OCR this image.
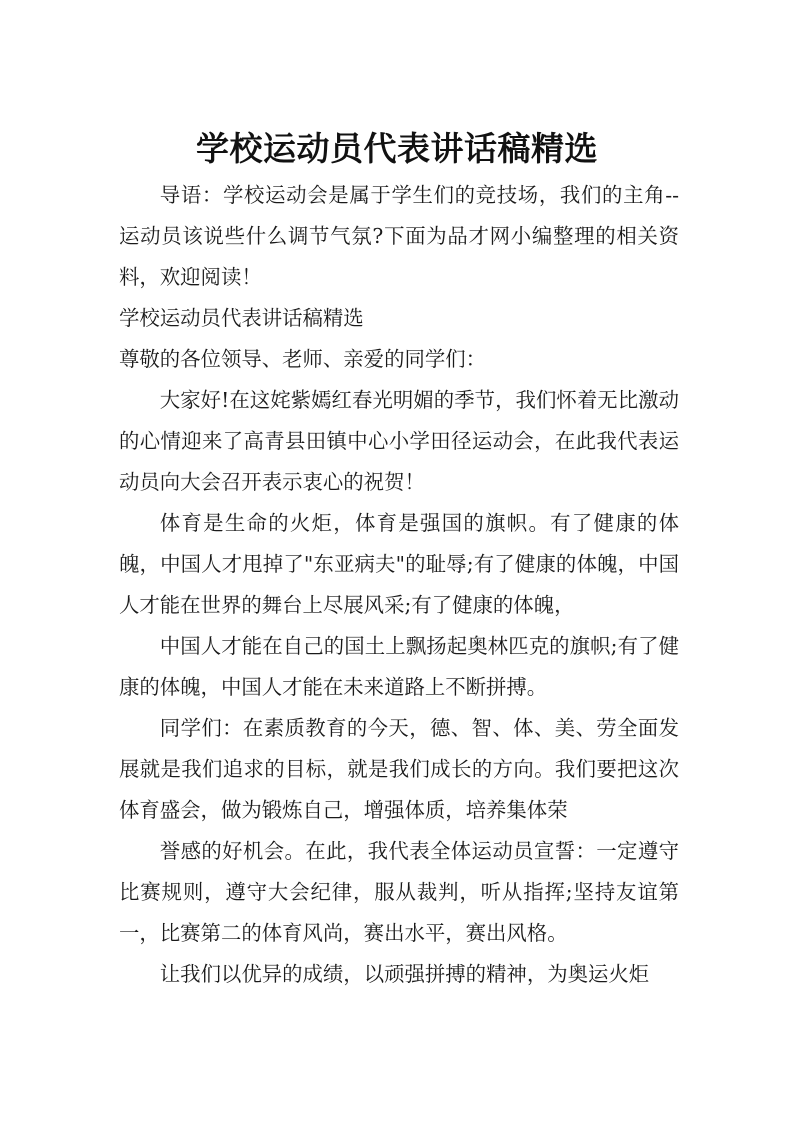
学校运动员代表讲话稿精选

导语：学校运动会是属于学生们的竞技场，我们的主角--运动员该说些什么调节气氛?下面为品才网小编整理的相关资料，欢迎阅读！

学校运动员代表讲话稿精选

尊敬的各位领导、老师、亲爱的同学们：

大家好!在这姹紫嫣红春光明媚的季节，我们怀着无比激动的心情迎来了高青县田镇中心小学田径运动会，在此我代表运动员向大会召开表示衷心的祝贺！

体育是生命的火炬，体育是强国的旗帜。有了健康的体魄，中国人才甩掉了"东亚病夫"的耻辱;有了健康的体魄，中国人才能在世界的舞台上尽展风采;有了健康的体魄，

中国人才能在自己的国土上飘扬起奥林匹克的旗帜;有了健康的体魄，中国人才能在未来道路上不断拼搏。

同学们：在素质教育的今天，德、智、体、美、劳全面发展就是我们追求的目标，就是我们成长的方向。我们要把这次体育盛会，做为锻炼自己，增强体质，培养集体荣

誉感的好机会。在此，我代表全体运动员宣誓：一定遵守比赛规则，遵守大会纪律，服从裁判，听从指挥;坚持友谊第一，比赛第二的体育风尚，赛出水平，赛出风格。

让我们以优异的成绩，以顽强拼搏的精神，为奥运火炬
